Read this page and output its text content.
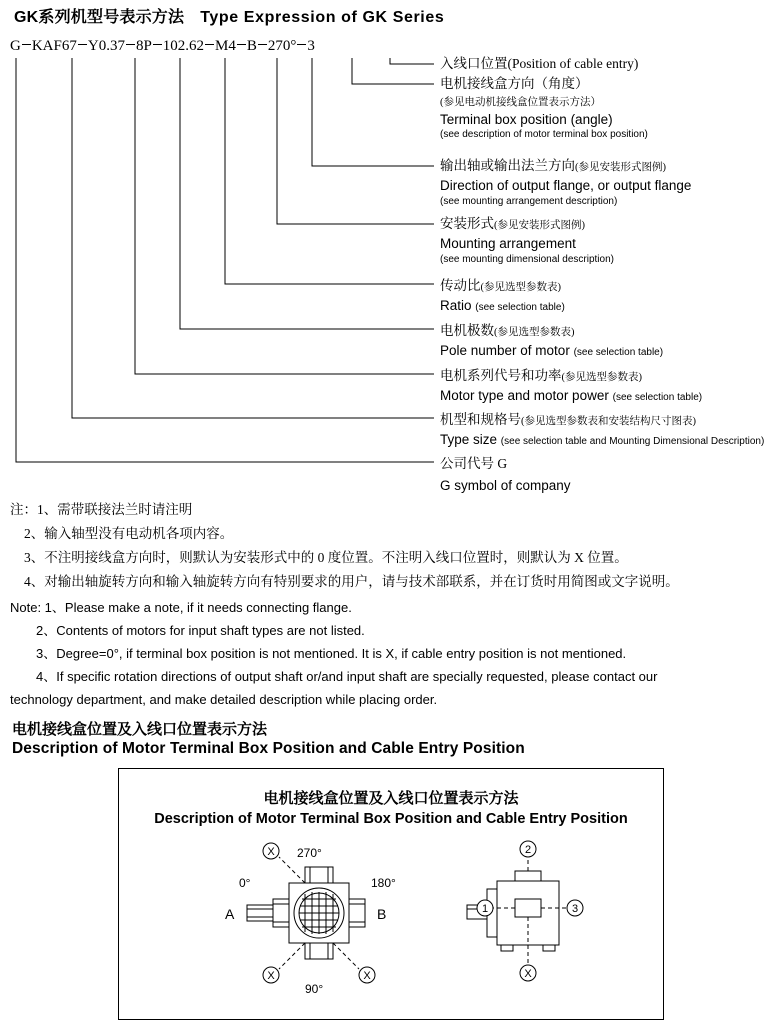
GK系列机型号表示方法 Type Expression of GK Series
G KAF67 Y0.37 8P 102.62 M4 B 270° 3
入线口位置(Position of cable entry)
电机接线盒方向（角度）
(参见电动机接线盒位置表示方法）
Terminal box position (angle)
(see description of motor terminal box position)
输出轴或输出法兰方向(参见安装形式图例)
Direction of output flange, or output flange
(see mounting arrangement description)
安装形式(参见安装形式图例)
Mounting arrangement
(see mounting dimensional description)
传动比(参见选型参数表)
Ratio (see selection table)
电机极数(参见选型参数表)
Pole number of motor (see selection table)
电机系列代号和功率(参见选型参数表)
Motor type and motor power (see selection table)
机型和规格号(参见选型参数表和安装结构尺寸图表)
Type size (see selection table and Mounting Dimensional Description)
公司代号 G
G symbol of company
注：1、需带联接法兰时请注明
2、输入轴型没有电动机各项内容。
3、不注明接线盒方向时，则默认为安装形式中的 0 度位置。不注明入线口位置时，则默认为 X 位置。
4、对输出轴旋转方向和输入轴旋转方向有特别要求的用户，请与技术部联系，并在订货时用简图或文字说明。
Note: 1、Please make a note, if it needs connecting flange.
2、Contents of motors for input shaft types are not listed.
3、Degree=0°, if terminal box position is not mentioned. It is X, if cable entry position is not mentioned.
4、If specific rotation directions of output shaft or/and input shaft are specially requested, please contact our
technology department, and make detailed description while placing order.
电机接线盒位置及入线口位置表示方法
Description of Motor Terminal Box Position and Cable Entry Position
电机接线盒位置及入线口位置表示方法
Description of Motor Terminal Box Position and Cable Entry Position
X
X	X
2
1	3
X
270°
0°	180°
90°
A	B
